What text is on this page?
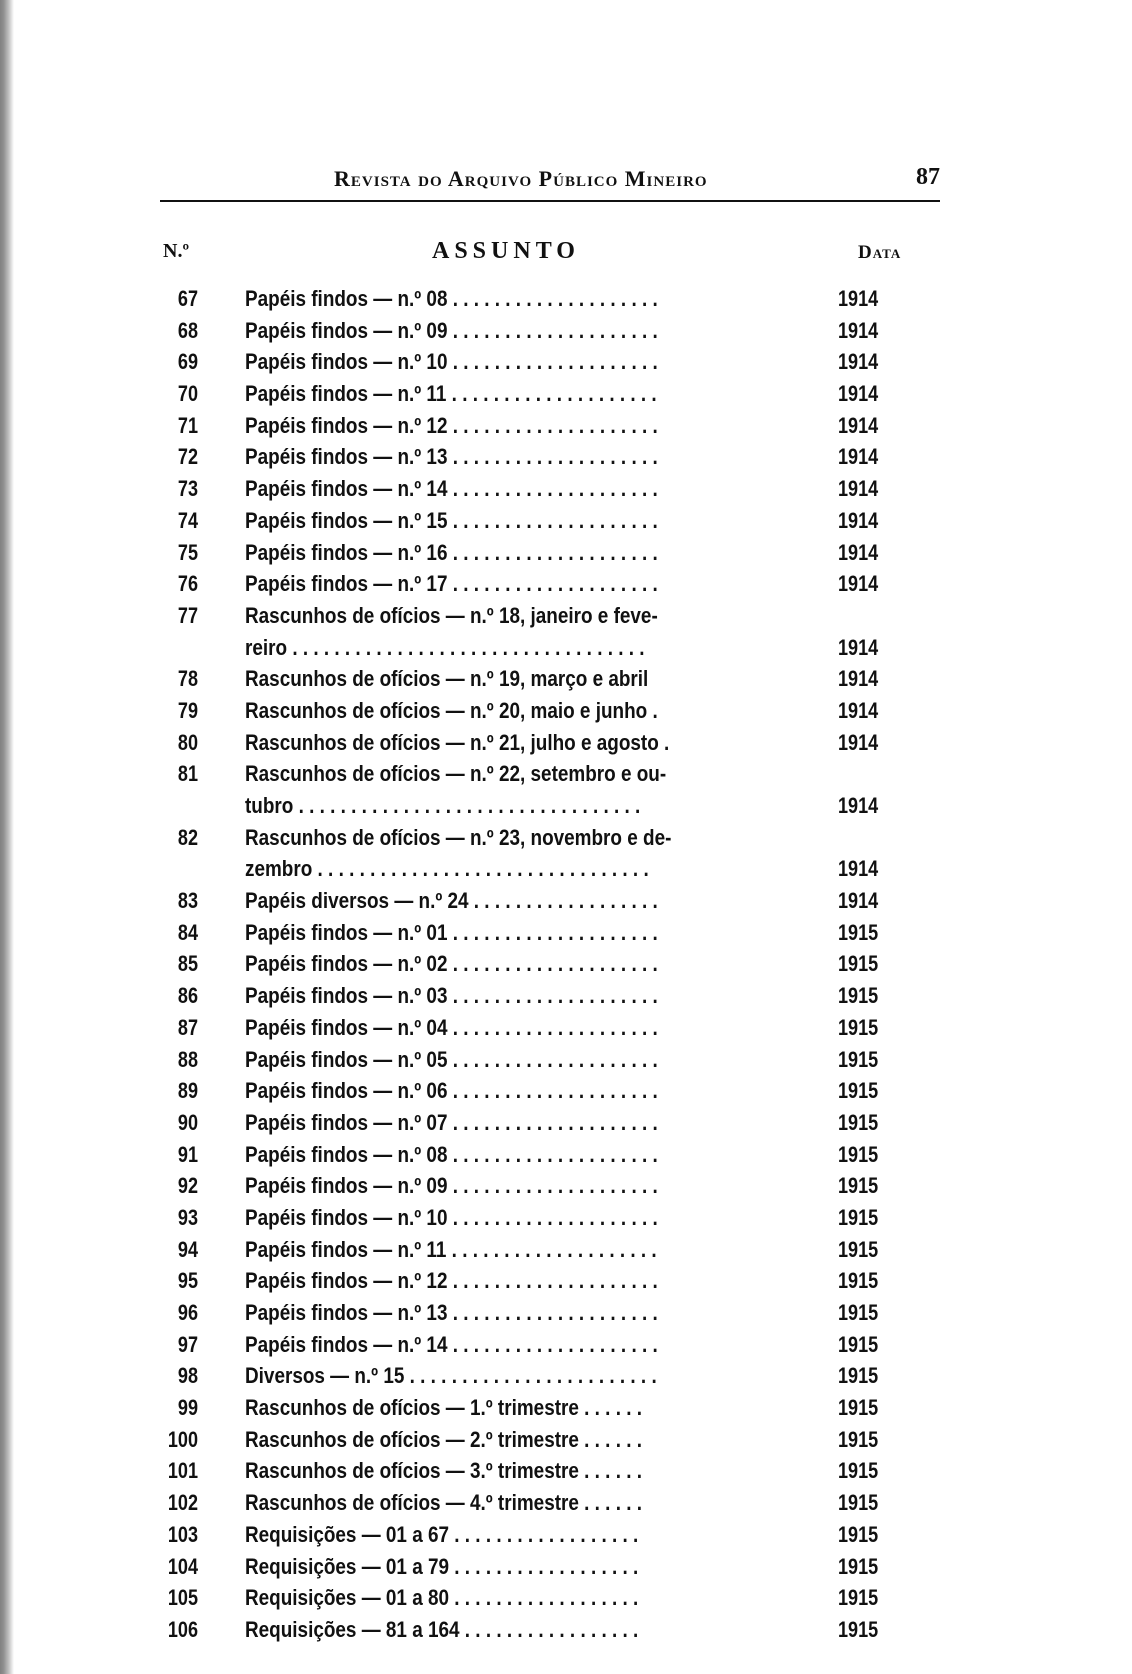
Revista do Arquivo Público Mineiro	87
N.º	ASSUNTO	Data
67 Papéis findos — n.º 08 . . . . . . . . . . . . . . . . . . . .	1914
68 Papéis findos — n.º 09 . . . . . . . . . . . . . . . . . . . .	1914
69 Papéis findos — n.º 10 . . . . . . . . . . . . . . . . . . . .	1914
70 Papéis findos — n.º 11 . . . . . . . . . . . . . . . . . . . .	1914
71 Papéis findos — n.º 12 . . . . . . . . . . . . . . . . . . . .	1914
72 Papéis findos — n.º 13 . . . . . . . . . . . . . . . . . . . .	1914
73 Papéis findos — n.º 14 . . . . . . . . . . . . . . . . . . . .	1914
74 Papéis findos — n.º 15 . . . . . . . . . . . . . . . . . . . .	1914
75 Papéis findos — n.º 16 . . . . . . . . . . . . . . . . . . . .	1914
76 Papéis findos — n.º 17 . . . . . . . . . . . . . . . . . . . .	1914
77 Rascunhos de ofícios — n.º 18, janeiro e feve-
reiro . . . . . . . . . . . . . . . . . . . . . . . . . . . . . . . . . .	1914
78 Rascunhos de ofícios — n.º 19, março e abril	1914
79 Rascunhos de ofícios — n.º 20, maio e junho .	1914
80 Rascunhos de ofícios — n.º 21, julho e agosto .	1914
81 Rascunhos de ofícios — n.º 22, setembro e ou-
tubro . . . . . . . . . . . . . . . . . . . . . . . . . . . . . . . . .	1914
82 Rascunhos de ofícios — n.º 23, novembro e de-
zembro . . . . . . . . . . . . . . . . . . . . . . . . . . . . . . . .	1914
83 Papéis diversos — n.º 24 . . . . . . . . . . . . . . . . . .	1914
84 Papéis findos — n.º 01 . . . . . . . . . . . . . . . . . . . .	1915
85 Papéis findos — n.º 02 . . . . . . . . . . . . . . . . . . . .	1915
86 Papéis findos — n.º 03 . . . . . . . . . . . . . . . . . . . .	1915
87 Papéis findos — n.º 04 . . . . . . . . . . . . . . . . . . . .	1915
88 Papéis findos — n.º 05 . . . . . . . . . . . . . . . . . . . .	1915
89 Papéis findos — n.º 06 . . . . . . . . . . . . . . . . . . . .	1915
90 Papéis findos — n.º 07 . . . . . . . . . . . . . . . . . . . .	1915
91 Papéis findos — n.º 08 . . . . . . . . . . . . . . . . . . . .	1915
92 Papéis findos — n.º 09 . . . . . . . . . . . . . . . . . . . .	1915
93 Papéis findos — n.º 10 . . . . . . . . . . . . . . . . . . . .	1915
94 Papéis findos — n.º 11 . . . . . . . . . . . . . . . . . . . .	1915
95 Papéis findos — n.º 12 . . . . . . . . . . . . . . . . . . . .	1915
96 Papéis findos — n.º 13 . . . . . . . . . . . . . . . . . . . .	1915
97 Papéis findos — n.º 14 . . . . . . . . . . . . . . . . . . . .	1915
98 Diversos — n.º 15 . . . . . . . . . . . . . . . . . . . . . . . .	1915
99 Rascunhos de ofícios — 1.º trimestre . . . . . .	1915
100 Rascunhos de ofícios — 2.º trimestre . . . . . .	1915
101 Rascunhos de ofícios — 3.º trimestre . . . . . .	1915
102 Rascunhos de ofícios — 4.º trimestre . . . . . .	1915
103 Requisições — 01 a 67 . . . . . . . . . . . . . . . . . .	1915
104 Requisições — 01 a 79 . . . . . . . . . . . . . . . . . .	1915
105 Requisições — 01 a 80 . . . . . . . . . . . . . . . . . .	1915
106 Requisições — 81 a 164 . . . . . . . . . . . . . . . . .	1915
